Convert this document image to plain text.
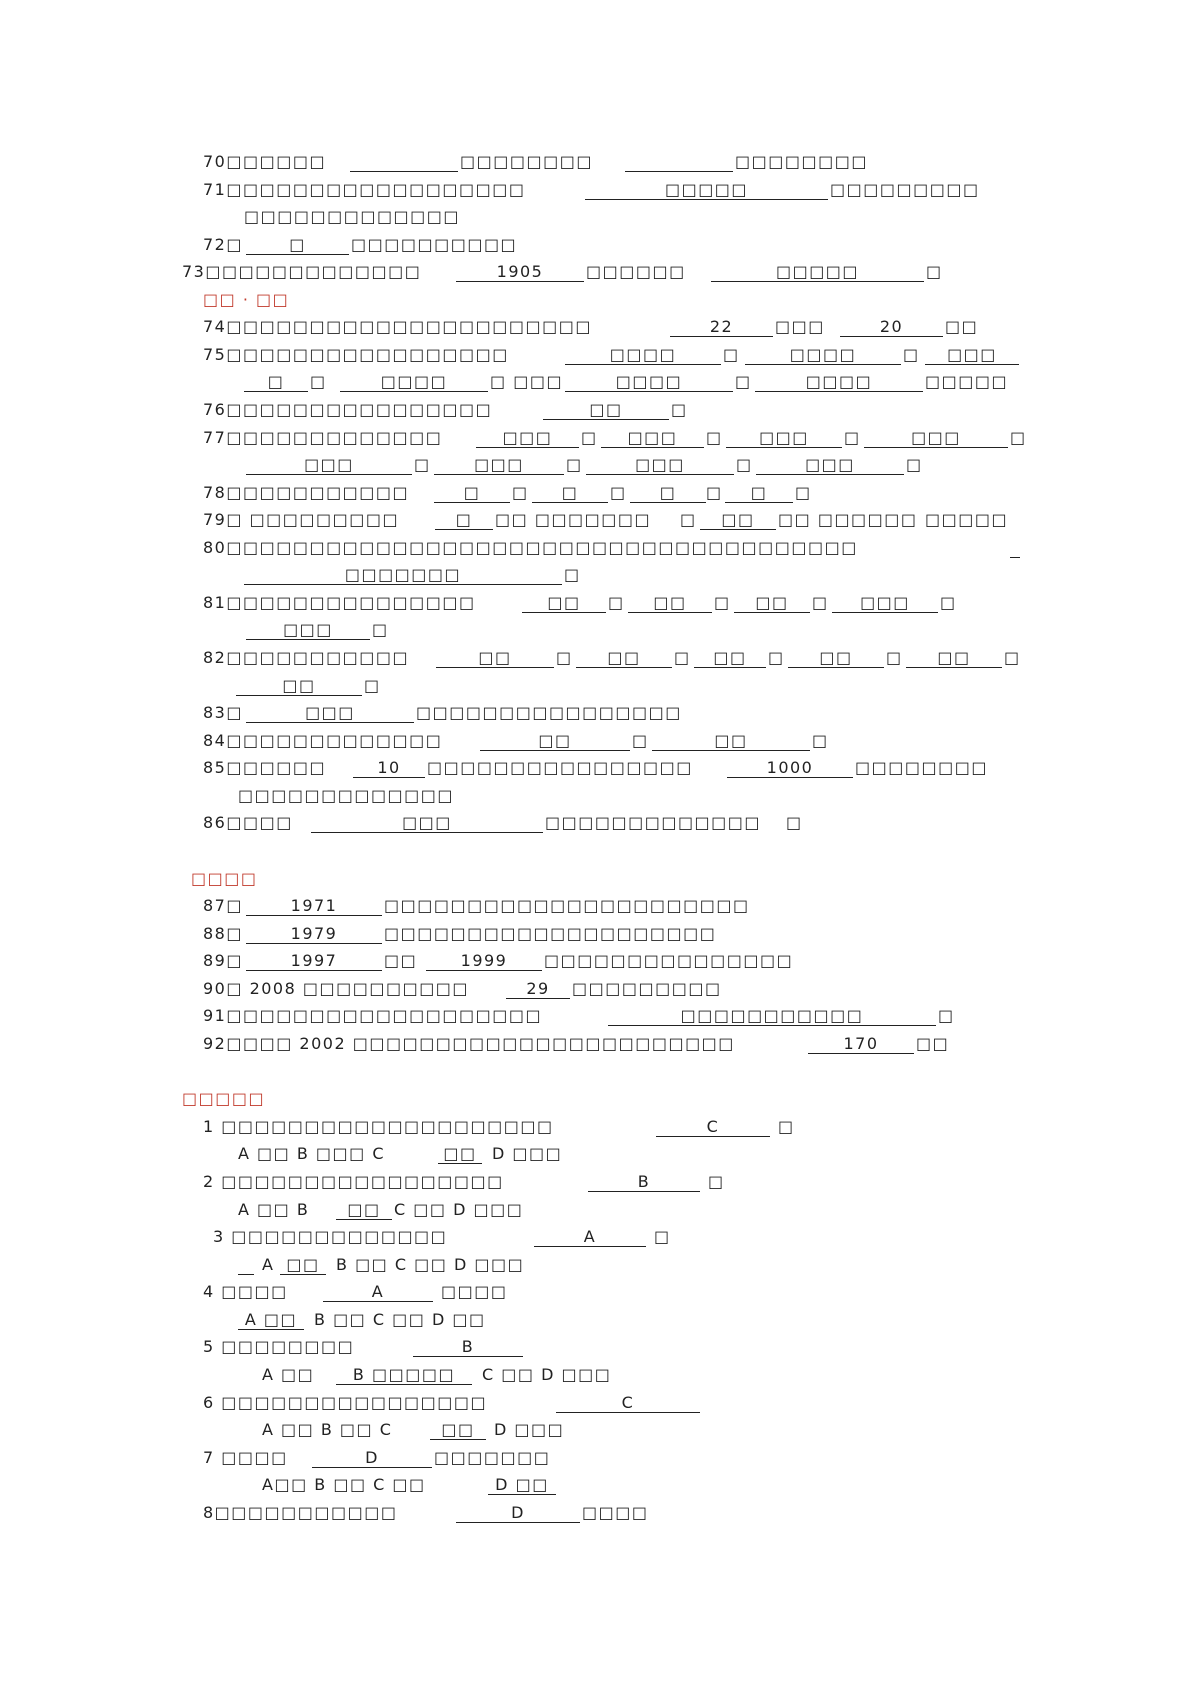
70□□□□□□	□□□□□□□□	□□□□□□□□
71□□□□□□□□□□□□□□□□□□	□□□□□	□□□□□□□□□
□□□□□□□□□□□□□
72□	□	□□□□□□□□□□
73□□□□□□□□□□□□□	1905	□□□□□
□□□□□□	□
74□□□□□□□□□□□□□□□□□□□□□□	22	20
□□□	□□
75□□□□□□□□□□□□□□□□□	□□□□	□□□□	□□□
□	□
□	□□□□	□□□□	□□□□
□	□ □□□	□	□□□□□
76□□□□□□□□□□□□□□□□	□□	□
77□□□□□□□□□□□□□	□□□	□□□	□□□	□□□
□	□	□	□
□□□	□□□	□□□	□□□
□	□	□	□
78□□□□□□□□□□□	□	□	□	□
□	□	□	□
79□ □□□□□□□□□	□	□□
□□ □□□□□□□ □	□□ □□□□□□ □□□□□
80□□□□□□□□□□□□□□□□□□□□□□□□□□□□□□□□□□□□□□
□□□□□□□	□
81□□□□□□□□□□□□□□□	□□	□□	□□	□□□
□	□	□	□
□□□	□
82□□□□□□□□□□□	□□	□□	□□	□□	□□
□	□	□	□	□
□□	□
83□	□□□	□□□□□□□□□□□□□□□□
84□□□□□□□□□□□□□	□□	□□
□	□
85□□□□□□	10	1000
□□□□□□□□□□□□□□□□	□□□□□□□□
□□□□□□□□□□□□□
86□□□□	□□□	□□□□□□□□□□□□□ □
87□	1971	□□□□□□□□□□□□□□□□□□□□□□
88□	1979	□□□□□□□□□□□□□□□□□□□□
89□	1997	1999
□□	□□□□□□□□□□□□□□□
90□ 2008 □□□□□□□□□□	29	□□□□□□□□□
91□□□□□□□□□□□□□□□□□□□	□□□□□□□□□□□	□
92□□□□ 2002 □□□□□□□□□□□□□□□□□□□□□□□	170	□□
□□ · □□
□□□□
□□□□□
1 □□□□□□□□□□□□□□□□□□□□	C	□
A □□ B □□□ C	□□ D □□□
2 □□□□□□□□□□□□□□□□□	B	□
A □□ B	□□ C □□ D □□□
3 □□□□□□□□□□□□□	A	□
□□
A	B □□ C □□ D □□□
4 □□□□	A	□□□□
A □□	B □□ C □□ D □□
5 □□□□□□□□	B
A □□	B □□□□□	C □□ D □□□
6 □□□□□□□□□□□□□□□□	C
A □□ B □□ C	□□	D □□□
7 □□□□	D	□□□□□□□
A□□ B □□ C □□	D □□
8□□□□□□□□□□□	D	□□□□
